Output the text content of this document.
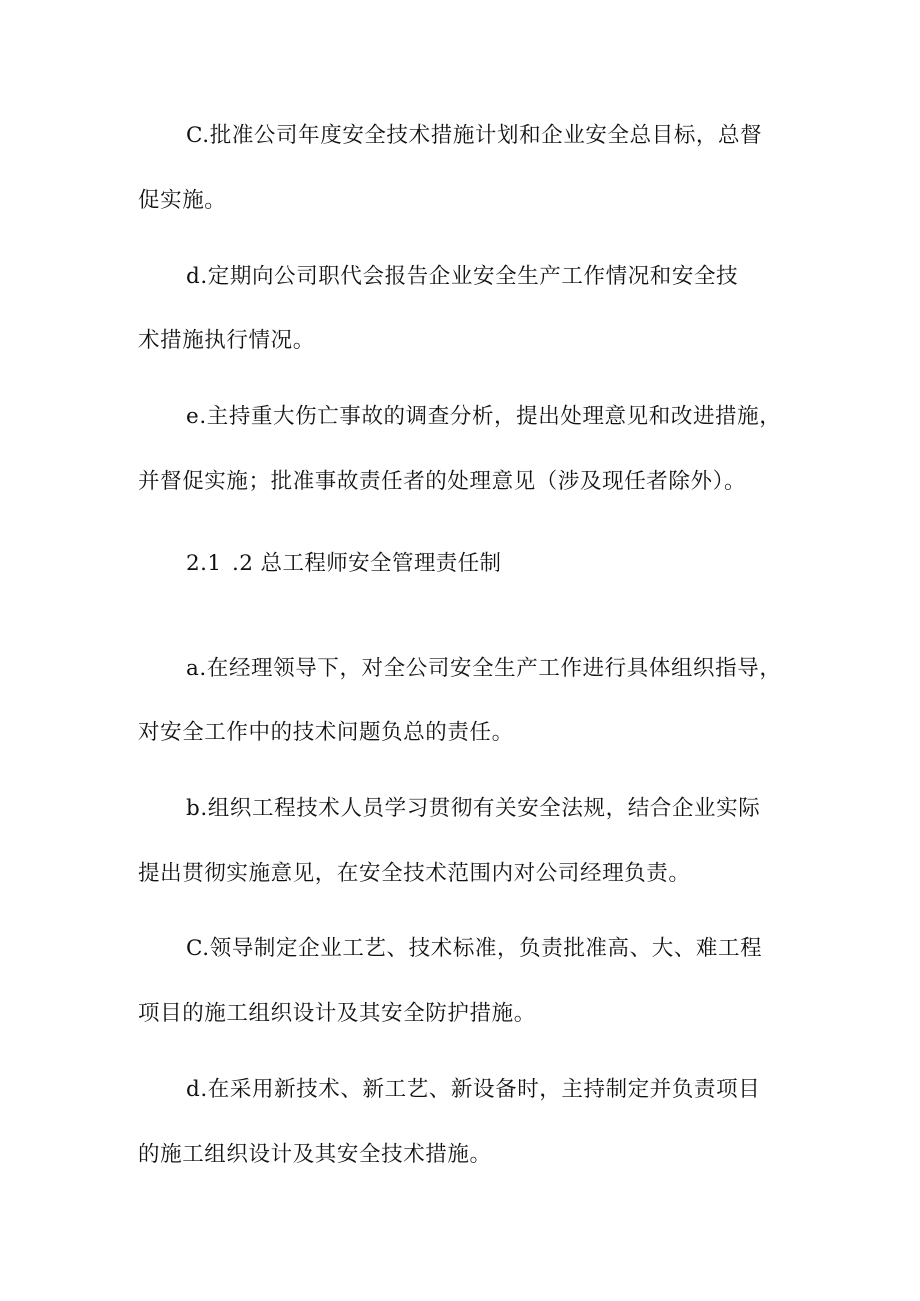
C.批准公司年度安全技术措施计划和企业安全总目标，总督
促实施。
d.定期向公司职代会报告企业安全生产工作情况和安全技
术措施执行情况。
e.主持重大伤亡事故的调查分析，提出处理意见和改进措施，
并督促实施；批准事故责任者的处理意见（涉及现任者除外）。
2.1 .2 总工程师安全管理责任制
a.在经理领导下，对全公司安全生产工作进行具体组织指导，
对安全工作中的技术问题负总的责任。
b.组织工程技术人员学习贯彻有关安全法规，结合企业实际
提出贯彻实施意见，在安全技术范围内对公司经理负责。
C.领导制定企业工艺、技术标准，负责批准高、大、难工程
项目的施工组织设计及其安全防护措施。
d.在采用新技术、新工艺、新设备时，主持制定并负责项目
的施工组织设计及其安全技术措施。
